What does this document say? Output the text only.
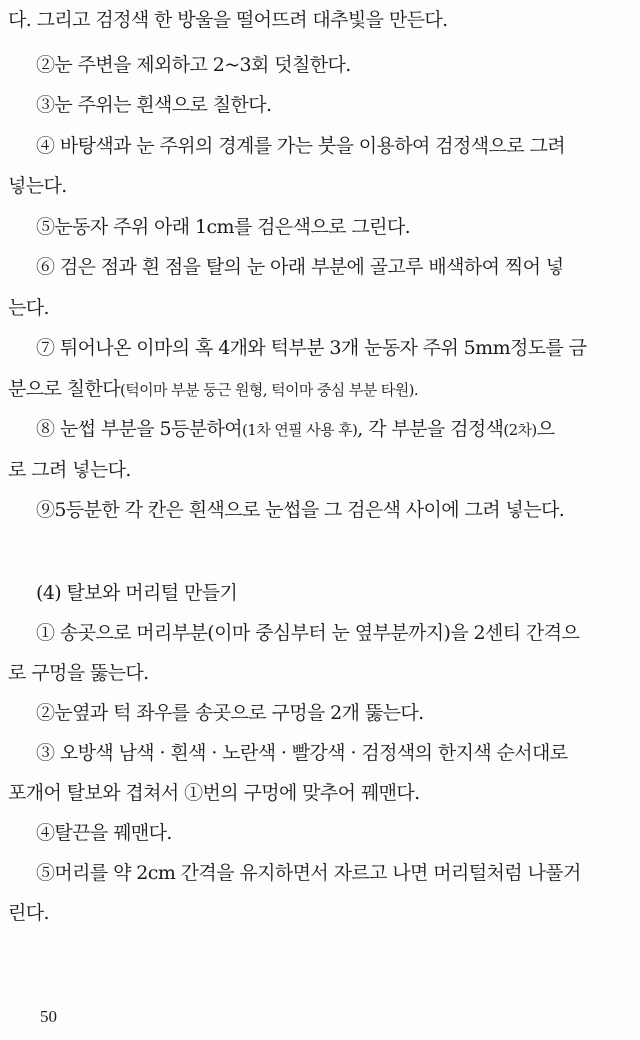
다. 그리고 검정색 한 방울을 떨어뜨려 대추빛을 만든다.
②눈 주변을 제외하고 2~3회 덧칠한다.
③눈 주위는 흰색으로 칠한다.
④ 바탕색과 눈 주위의 경계를 가는 붓을 이용하여 검정색으로 그려
넣는다.
⑤눈동자 주위 아래 1cm를 검은색으로 그린다.
⑥ 검은 점과 흰 점을 탈의 눈 아래 부분에 골고루 배색하여 찍어 넣
는다.
⑦ 튀어나온 이마의 혹 4개와 턱부분 3개 눈동자 주위 5mm정도를 금
분으로 칠한다(턱이마 부분 둥근 원형, 턱이마 중심 부분 타원).
⑧ 눈썹 부분을 5등분하여(1차 연필 사용 후), 각 부분을 검정색(2차)으
로 그려 넣는다.
⑨5등분한 각 칸은 흰색으로 눈썹을 그 검은색 사이에 그려 넣는다.
(4) 탈보와 머리털 만들기
① 송곳으로 머리부분(이마 중심부터 눈 옆부분까지)을 2센티 간격으
로 구멍을 뚫는다.
②눈옆과 턱 좌우를 송곳으로 구멍을 2개 뚫는다.
③ 오방색 남색 · 흰색 · 노란색 · 빨강색 · 검정색의 한지색 순서대로
포개어 탈보와 겹쳐서 ①번의 구멍에 맞추어 꿰맨다.
④탈끈을 꿰맨다.
⑤머리를 약 2cm 간격을 유지하면서 자르고 나면 머리털처럼 나풀거
린다.
50
